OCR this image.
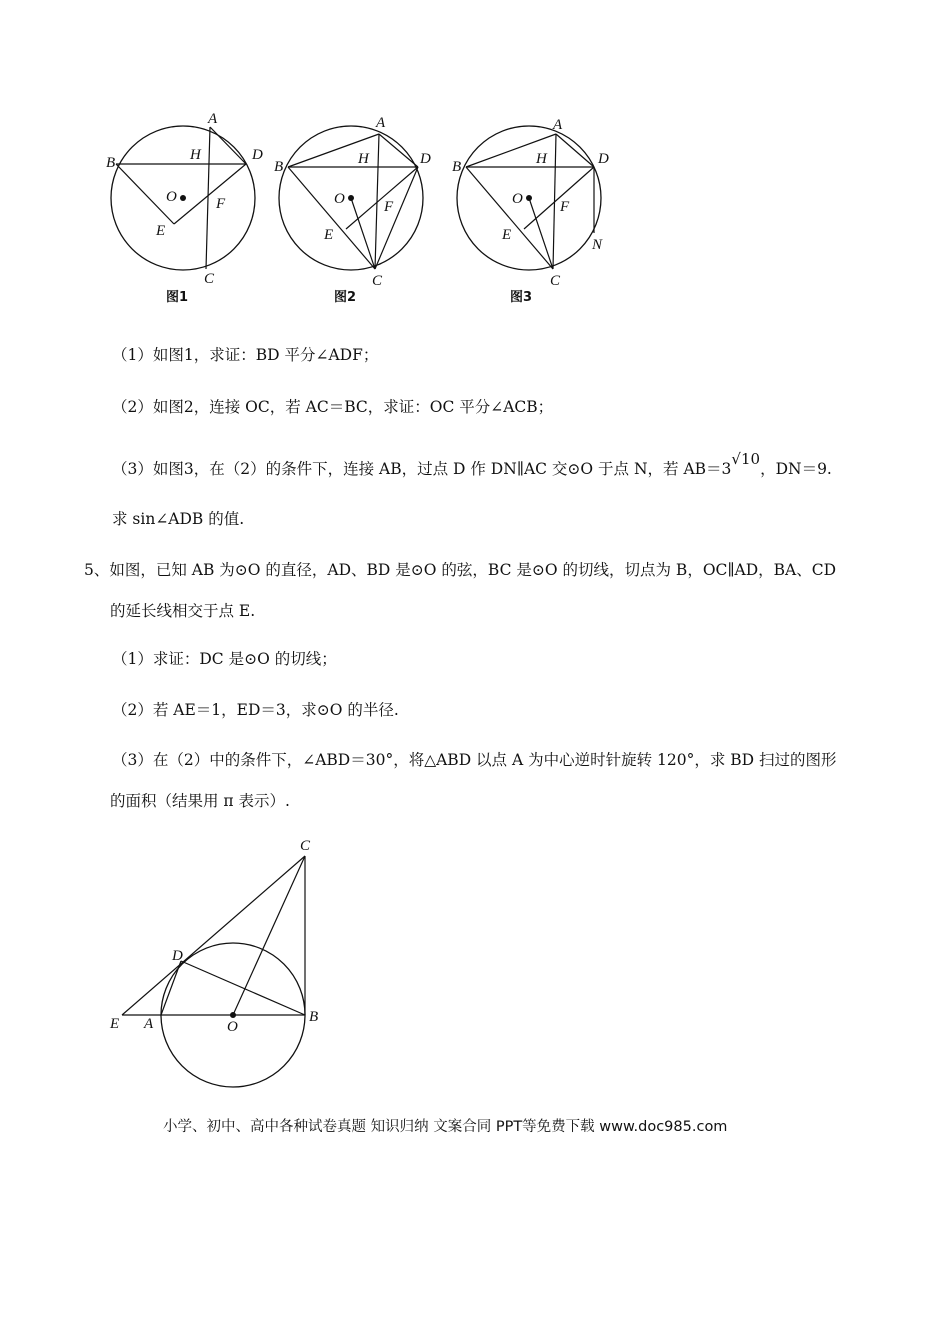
A
B	D
H
O	F
E
C
图1
A
B	D
H
O	F
E
C
图2
A
B	D
H
O F
E
N
C
图3
（1）如图1，求证：BD 平分∠ADF；
（2）如图2，连接 OC，若 AC＝BC，求证：OC 平分∠ACB；
（3）如图3，在（2）的条件下，连接 AB，过点 D 作 DN∥AC 交⊙O 于点 N，若 AB＝3√10，DN＝9.
求 sin∠ADB 的值.
5、如图，已知 AB 为⊙O 的直径，AD、BD 是⊙O 的弦，BC 是⊙O 的切线，切点为 B，OC∥AD，BA、CD
的延长线相交于点 E.
（1）求证：DC 是⊙O 的切线；
（2）若 AE＝1，ED＝3，求⊙O 的半径.
（3）在（2）中的条件下，∠ABD＝30°，将△ABD 以点 A 为中心逆时针旋转 120°，求 BD 扫过的图形
的面积（结果用 π 表示）.
C
D
E A	O
B
小学、初中、高中各种试卷真题 知识归纳 文案合同 PPT等免费下载 www.doc985.com
